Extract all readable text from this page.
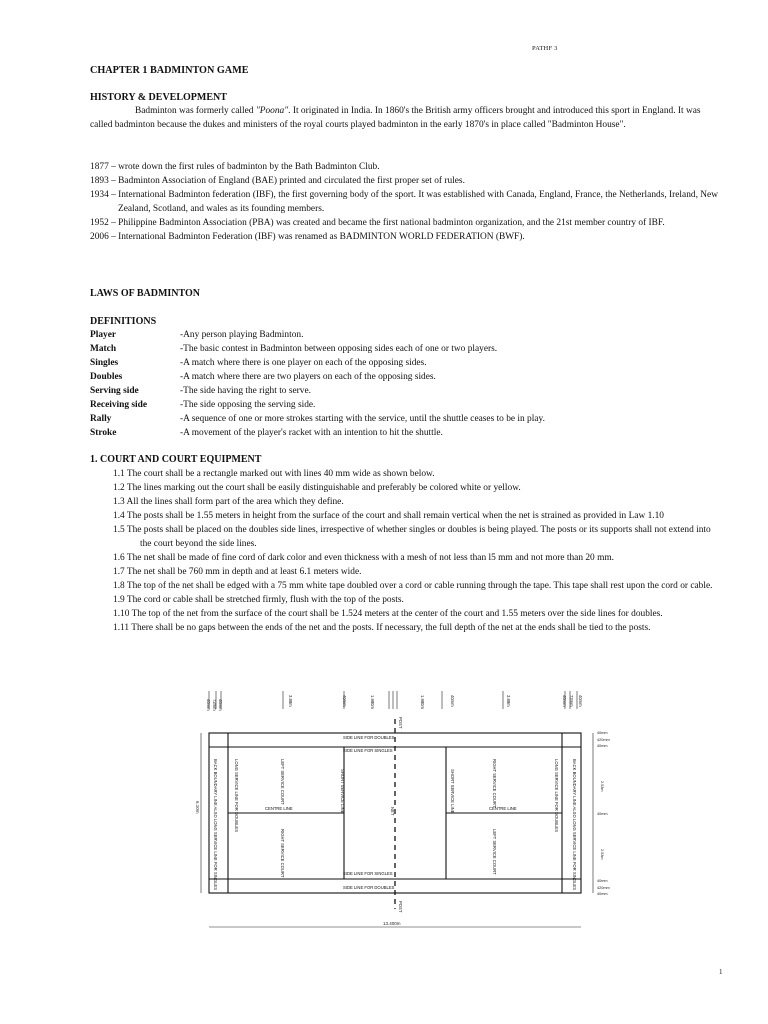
PATHF 3
CHAPTER 1 BADMINTON GAME
HISTORY & DEVELOPMENT

Badminton was formerly called "Poona". It originated in India. In 1860's the British army officers brought and introduced this sport in England. It was called badminton because the dukes and ministers of the royal courts played badminton in the early 1870's in place called "Badminton House".

1877 – wrote down the first rules of badminton by the Bath Badminton Club.
1893 – Badminton Association of England (BAE) printed and circulated the first proper set of rules.
1934 – International Badminton federation (IBF), the first governing body of the sport. It was established with Canada, England, France, the Netherlands, Ireland, New Zealand, Scotland, and wales as its founding members.
1952 – Philippine Badminton Association (PBA) was created and became the first national badminton organization, and the 21st member country of IBF.
2006 – International Badminton Federation (IBF) was renamed as BADMINTON WORLD FEDERATION (BWF).
LAWS OF BADMINTON
DEFINITIONS
Player	-Any person playing Badminton.
Match	-The basic contest in Badminton between opposing sides each of one or two players.
Singles	-A match where there is one player on each of the opposing sides.
Doubles	-A match where there are two players on each of the opposing sides.
Serving side	-The side having the right to serve.
Receiving side	-The side opposing the serving side.
Rally	-A sequence of one or more strokes starting with the service, until the shuttle ceases to be in play.
Stroke	-A movement of the player's racket with an intention to hit the shuttle.
1. COURT AND COURT EQUIPMENT
1.1 The court shall be a rectangle marked out with lines 40 mm wide as shown below.
1.2 The lines marking out the court shall be easily distinguishable and preferably be colored white or yellow.
1.3 All the lines shall form part of the area which they define.
1.4 The posts shall be 1.55 meters in height from the surface of the court and shall remain vertical when the net is strained as provided in Law 1.10
1.5 The posts shall be placed on the doubles side lines, irrespective of whether singles or doubles is being played. The posts or its supports shall not extend into the court beyond the side lines.
1.6 The net shall be made of fine cord of dark color and even thickness with a mesh of not less than l5 mm and not more than 20 mm.
1.7 The net shall be 760 mm in depth and at least 6.1 meters wide.
1.8 The top of the net shall be edged with a 75 mm white tape doubled over a cord or cable running through the tape. This tape shall rest upon the cord or cable.
1.9 The cord or cable shall be stretched firmly, flush with the top of the posts.
1.10 The top of the net from the surface of the court shall be 1.524 meters at the center of the court and 1.55 meters over the side lines for doubles.
1.11 There shall be no gaps between the ends of the net and the posts. If necessary, the full depth of the net at the ends shall be tied to the posts.
40mm 72mm 40mm	3.88m	40mm	1.980m	1.980m	40mm	3.88m	40mm 72mm 40mm
6.10m
40mm
420mm
40mm
2.53m
40mm
2.53m
40mm
420mm
40mm
13.400m
POST
POST
SIDE LINE FOR DOUBLES
SIDE LINE FOR SINGLES
SIDE LINE FOR SINGLES
SIDE LINE FOR DOUBLES
CENTRE LINE	CENTRE LINE
LEFT SERVICE COURT
RIGHT SERVICE COURT
RIGHT SERVICE COURT
LEFT SERVICE COURT
LONG SERVICE LINE FOR DOUBLES	LONG SERVICE LINE FOR DOUBLES
SHORT SERVICE LINE	SHORT SERVICE LINE
NET
BACK BOUNDARY LINE ALSO LONG SERVICE LINE FOR SINGLES	BACK BOUNDARY LINE ALSO LONG SERVICE LINE FOR SINGLES
1
